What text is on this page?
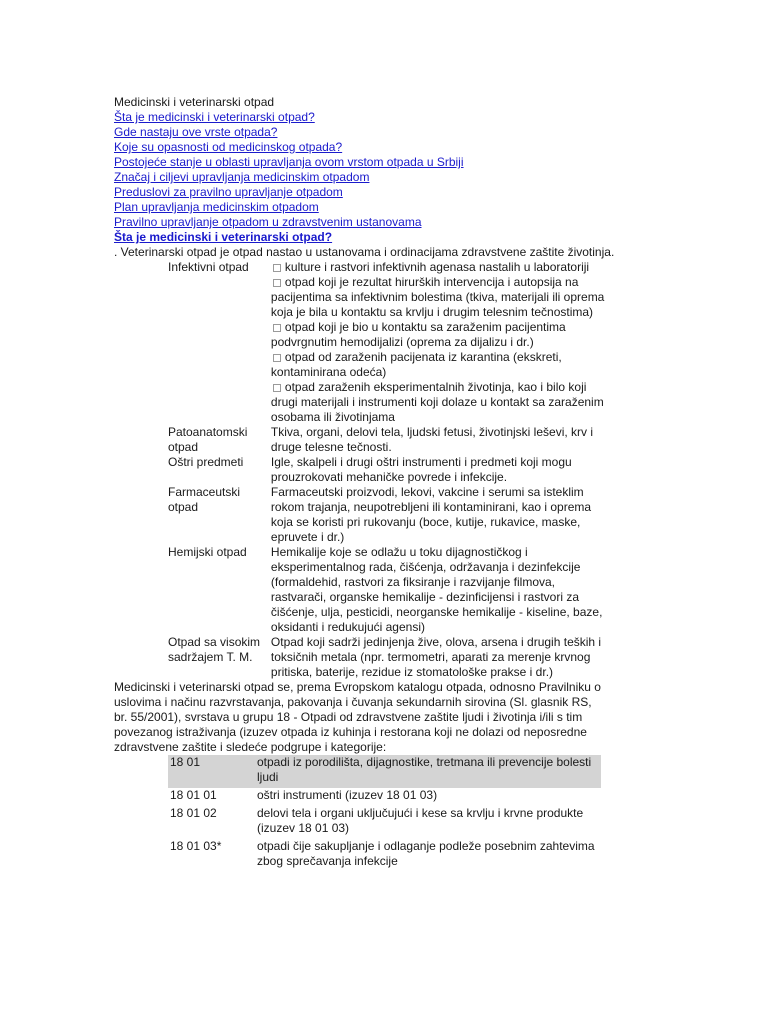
Medicinski i veterinarski otpad
Šta je medicinski i veterinarski otpad?
Gde nastaju ove vrste otpada?
Koje su opasnosti od medicinskog otpada?
Postojeće stanje u oblasti upravljanja ovom vrstom otpada u Srbiji
Značaj i ciljevi upravljanja medicinskim otpadom
Preduslovi za pravilno upravljanje otpadom
Plan upravljanja medicinskim otpadom
Pravilno upravljanje otpadom u zdravstvenim ustanovama
Šta je medicinski i veterinarski otpad?
. Veterinarski otpad je otpad nastao u ustanovama i ordinacijama zdravstvene zaštite životinja.
Infektivni otpad	kulture i rastvori infektivnih agenasa nastalih u laboratoriji
otpad koji je rezultat hirurških intervencija i autopsija na pacijentima sa infektivnim bolestima (tkiva, materijali ili oprema koja je bila u kontaktu sa krvlju i drugim telesnim tečnostima)
otpad koji je bio u kontaktu sa zaraženim pacijentima podvrgnutim hemodijalizi (oprema za dijalizu i dr.)
otpad od zaraženih pacijenata iz karantina (ekskreti, kontaminirana odeća)
otpad zaraženih eksperimentalnih životinja, kao i bilo koji drugi materijali i instrumenti koji dolaze u kontakt sa zaraženim osobama ili životinjama

Patoanatomski otpad	Tkiva, organi, delovi tela, ljudski fetusi, životinjski leševi, krv i druge telesne tečnosti.
Oštri predmeti	Igle, skalpeli i drugi oštri instrumenti i predmeti koji mogu prouzrokovati mehaničke povrede i infekcije.
Farmaceutski otpad	Farmaceutski proizvodi, lekovi, vakcine i serumi sa isteklim rokom trajanja, neupotrebljeni ili kontaminirani, kao i oprema koja se koristi pri rukovanju (boce, kutije, rukavice, maske, epruvete i dr.)
Hemijski otpad	Hemikalije koje se odlažu u toku dijagnostičkog i eksperimentalnog rada, čišćenja, održavanja i dezinfekcije (formaldehid, rastvori za fiksiranje i razvijanje filmova, rastvarači, organske hemikalije - dezinficijensi i rastvori za čišćenje, ulja, pesticidi, neorganske hemikalije - kiseline, baze, oksidanti i redukujući agensi)
Otpad sa visokim sadržajem T. M.	Otpad koji sadrži jedinjenja žive, olova, arsena i drugih teških i toksičnih metala (npr. termometri, aparati za merenje krvnog pritiska, baterije, rezidue iz stomatološke prakse i dr.)

Medicinski i veterinarski otpad se, prema Evropskom katalogu otpada, odnosno Pravilniku o uslovima i načinu razvrstavanja, pakovanja i čuvanja sekundarnih sirovina (Sl. glasnik RS, br. 55/2001), svrstava u grupu 18 - Otpadi od zdravstvene zaštite ljudi i životinja i/ili s tim povezanog istraživanja (izuzev otpada iz kuhinja i restorana koji ne dolazi od neposredne zdravstvene zaštite i sledeće podgrupe i kategorije:

18 01	otpadi iz porodilišta, dijagnostike, tretmana ili prevencije bolesti ljudi
18 01 01	oštri instrumenti (izuzev 18 01 03)
18 01 02	delovi tela i organi uključujući i kese sa krvlju i krvne produkte (izuzev 18 01 03)
18 01 03*	otpadi čije sakupljanje i odlaganje podleže posebnim zahtevima zbog sprečavanja infekcije
